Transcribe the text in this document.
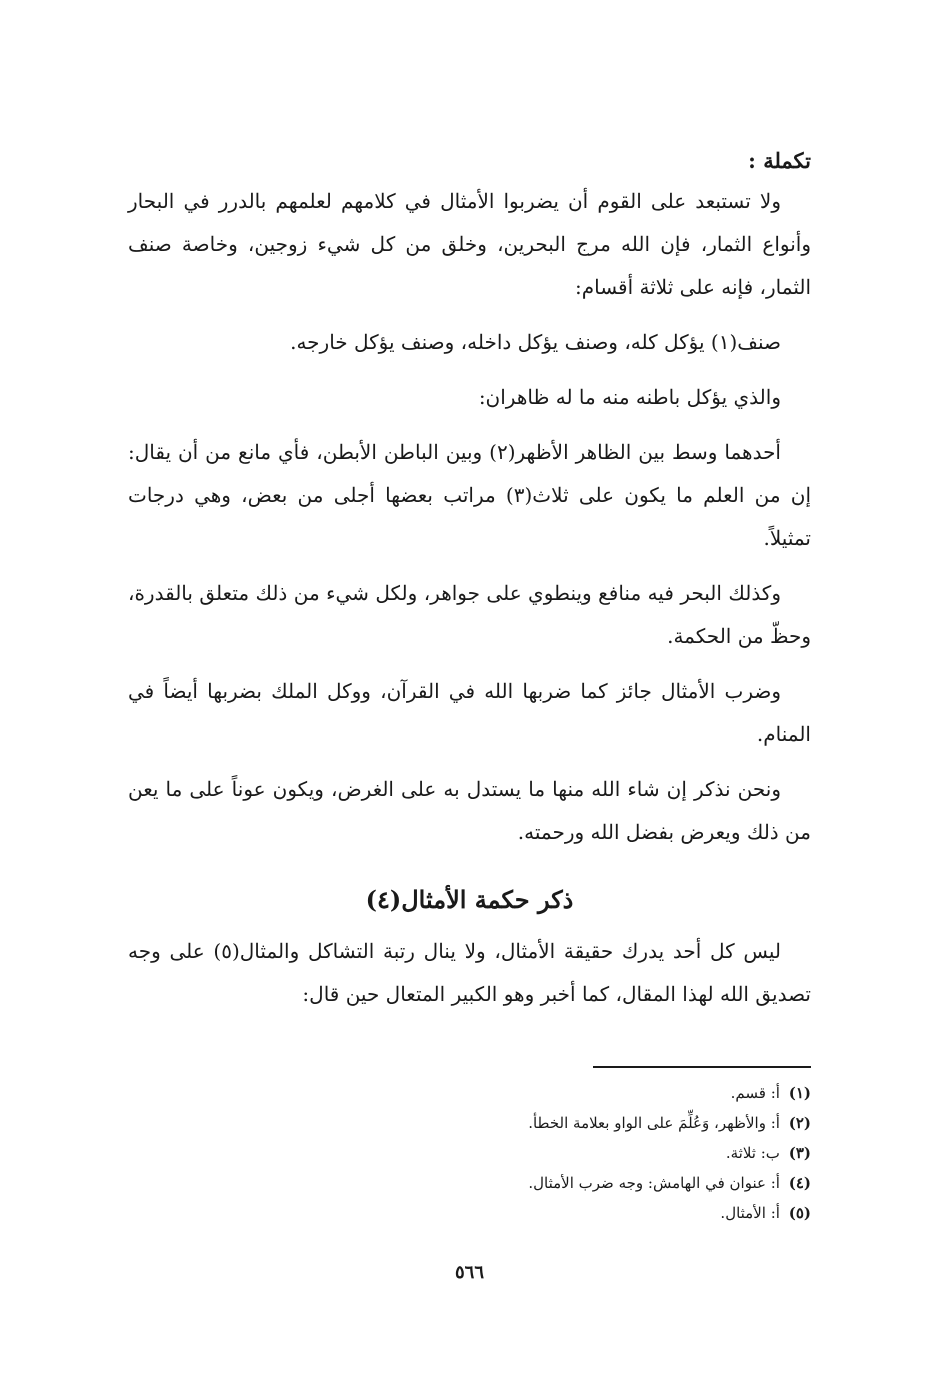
تكملة :

ولا تستبعد على القوم أن يضربوا الأمثال في كلامهم لعلمهم بالدرر في البحار وأنواع الثمار، فإن الله مرج البحرين، وخلق من كل شيء زوجين، وخاصة صنف الثمار، فإنه على ثلاثة أقسام:

صنف(١) يؤكل كله، وصنف يؤكل داخله، وصنف يؤكل خارجه.

والذي يؤكل باطنه منه ما له ظاهران:

أحدهما وسط بين الظاهر الأظهر(٢) وبين الباطن الأبطن، فأي مانع من أن يقال: إن من العلم ما يكون على ثلاث(٣) مراتب بعضها أجلى من بعض، وهي درجات تمثيلاً.

وكذلك البحر فيه منافع وينطوي على جواهر، ولكل شيء من ذلك متعلق بالقدرة، وحظّ من الحكمة.

وضرب الأمثال جائز كما ضربها الله في القرآن، ووكل الملك بضربها أيضاً في المنام.

ونحن نذكر إن شاء الله منها ما يستدل به على الغرض، ويكون عوناً على ما يعن من ذلك ويعرض بفضل الله ورحمته.

ذكر حكمة الأمثال(٤)

ليس كل أحد يدرك حقيقة الأمثال، ولا ينال رتبة التشاكل والمثال(٥) على وجه تصديق الله لهذا المقال، كما أخبر وهو الكبير المتعال حين قال:

(١) أ: قسم.
(٢) أ: والأظهر، وَعُلِّمَ على الواو بعلامة الخطأ.
(٣) ب: ثلاثة.
(٤) أ: عنوان في الهامش: وجه ضرب الأمثال.
(٥) أ: الأمثال.
٥٦٦
